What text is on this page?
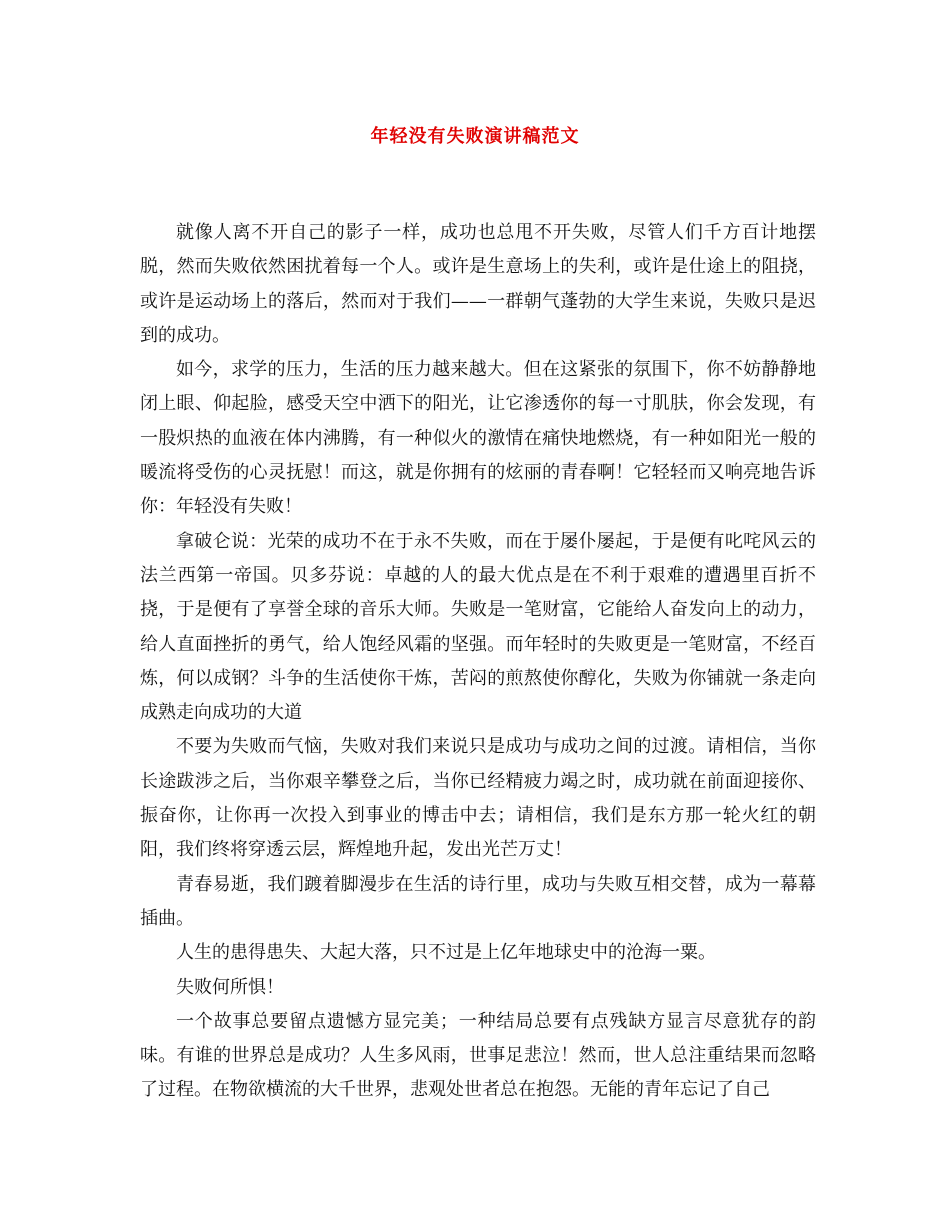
年轻没有失败演讲稿范文

就像人离不开自己的影子一样，成功也总甩不开失败，尽管人们千方百计地摆脱，然而失败依然困扰着每一个人。或许是生意场上的失利，或许是仕途上的阻挠，或许是运动场上的落后，然而对于我们——一群朝气蓬勃的大学生来说，失败只是迟到的成功。

如今，求学的压力，生活的压力越来越大。但在这紧张的氛围下，你不妨静静地闭上眼、仰起脸，感受天空中洒下的阳光，让它渗透你的每一寸肌肤，你会发现，有一股炽热的血液在体内沸腾，有一种似火的激情在痛快地燃烧，有一种如阳光一般的暖流将受伤的心灵抚慰！而这，就是你拥有的炫丽的青春啊！它轻轻而又响亮地告诉你：年轻没有失败！

拿破仑说：光荣的成功不在于永不失败，而在于屡仆屡起，于是便有叱咤风云的法兰西第一帝国。贝多芬说：卓越的人的最大优点是在不利于艰难的遭遇里百折不挠，于是便有了享誉全球的音乐大师。失败是一笔财富，它能给人奋发向上的动力，给人直面挫折的勇气，给人饱经风霜的坚强。而年轻时的失败更是一笔财富，不经百炼，何以成钢？斗争的生活使你干炼，苦闷的煎熬使你醇化，失败为你铺就一条走向成熟走向成功的大道

不要为失败而气恼，失败对我们来说只是成功与成功之间的过渡。请相信，当你长途跋涉之后，当你艰辛攀登之后，当你已经精疲力竭之时，成功就在前面迎接你、振奋你，让你再一次投入到事业的博击中去；请相信，我们是东方那一轮火红的朝阳，我们终将穿透云层，辉煌地升起，发出光芒万丈！

青春易逝，我们踱着脚漫步在生活的诗行里，成功与失败互相交替，成为一幕幕插曲。

人生的患得患失、大起大落，只不过是上亿年地球史中的沧海一粟。

失败何所惧！

一个故事总要留点遗憾方显完美；一种结局总要有点残缺方显言尽意犹存的韵味。有谁的世界总是成功？人生多风雨，世事足悲泣！然而，世人总注重结果而忽略了过程。在物欲横流的大千世界，悲观处世者总在抱怨。无能的青年忘记了自己
